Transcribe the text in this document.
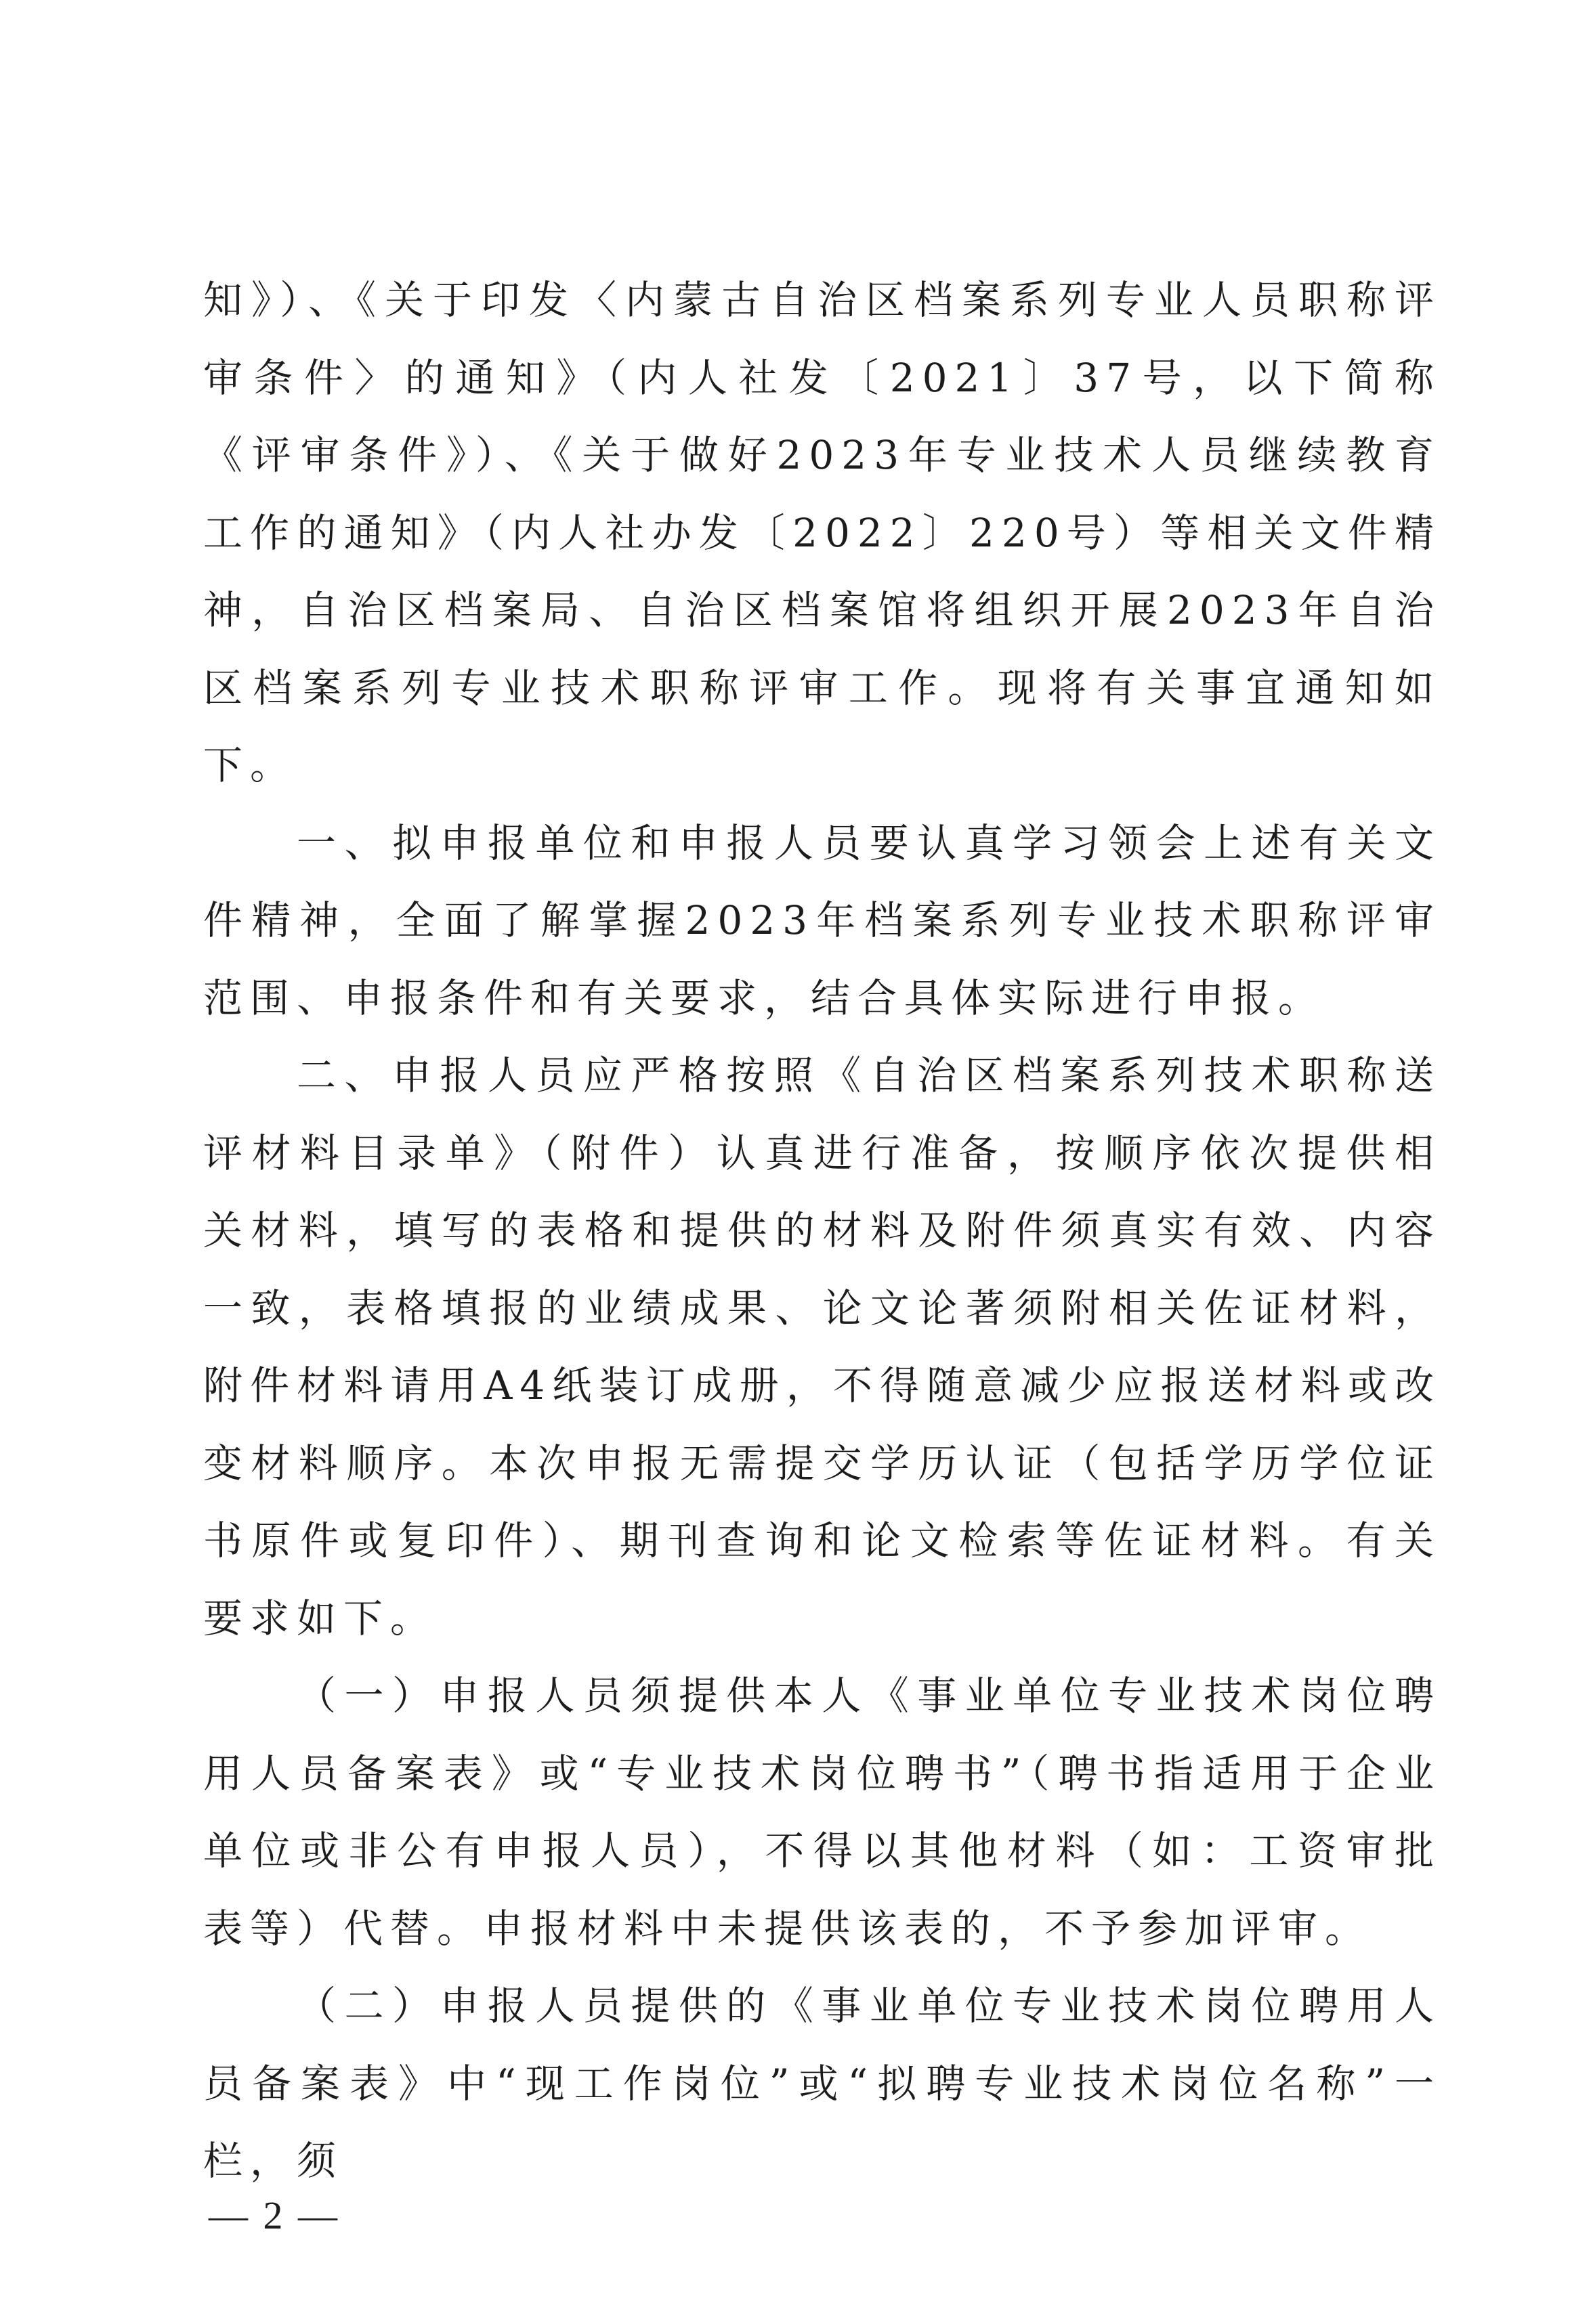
知》）、《关于印发〈内蒙古自治区档案系列专业人员职称评审条件〉的通知》（内人社发〔2021〕37号，以下简称《评审条件》）、《关于做好2023年专业技术人员继续教育工作的通知》（内人社办发〔2022〕220号）等相关文件精神，自治区档案局、自治区档案馆将组织开展2023年自治区档案系列专业技术职称评审工作。现将有关事宜通知如下。

一、拟申报单位和申报人员要认真学习领会上述有关文件精神，全面了解掌握2023年档案系列专业技术职称评审范围、申报条件和有关要求，结合具体实际进行申报。

二、申报人员应严格按照《自治区档案系列技术职称送评材料目录单》（附件）认真进行准备，按顺序依次提供相关材料，填写的表格和提供的材料及附件须真实有效、内容一致，表格填报的业绩成果、论文论著须附相关佐证材料，附件材料请用A4纸装订成册，不得随意减少应报送材料或改变材料顺序。本次申报无需提交学历认证（包括学历学位证书原件或复印件）、期刊查询和论文检索等佐证材料。有关要求如下。

（一）申报人员须提供本人《事业单位专业技术岗位聘用人员备案表》或“专业技术岗位聘书”（聘书指适用于企业单位或非公有申报人员），不得以其他材料（如：工资审批表等）代替。申报材料中未提供该表的，不予参加评审。

（二）申报人员提供的《事业单位专业技术岗位聘用人员备案表》中“现工作岗位”或“拟聘专业技术岗位名称”一栏，须

— 2 —
